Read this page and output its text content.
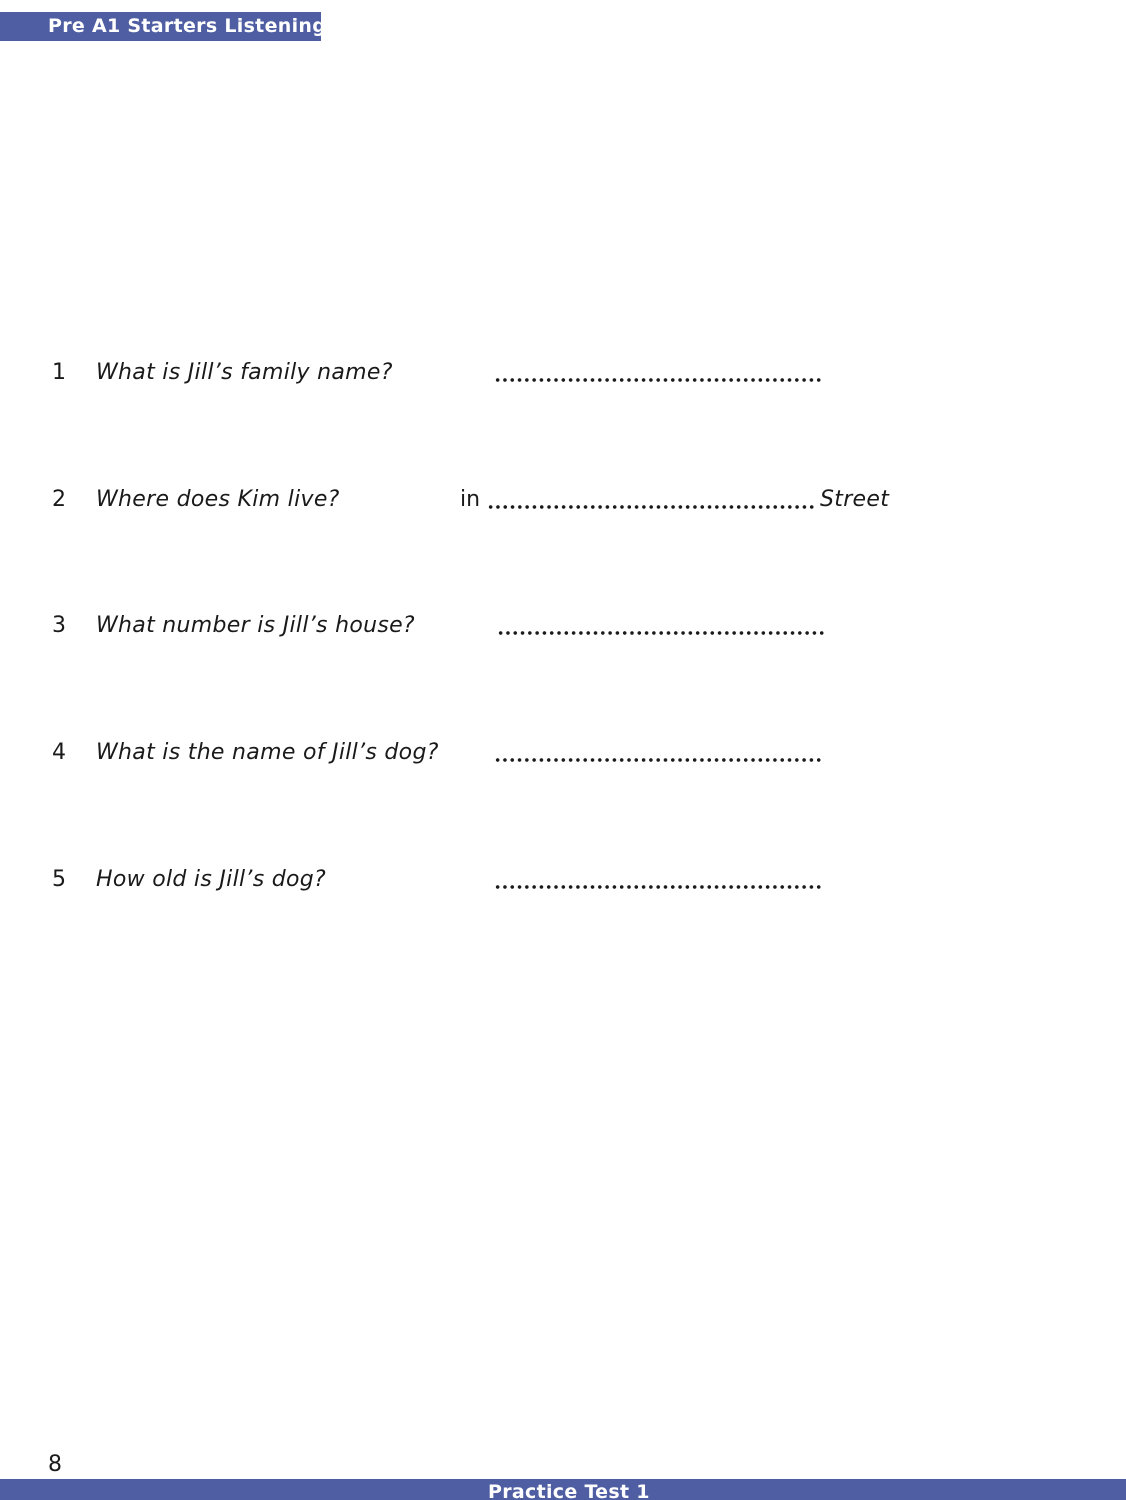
Pre A1 Starters Listening
1 What is Jill’s family name?
2 Where does Kim live?	in	Street
3 What number is Jill’s house?
4 What is the name of Jill’s dog?
5 How old is Jill’s dog?
8
Practice Test 1
